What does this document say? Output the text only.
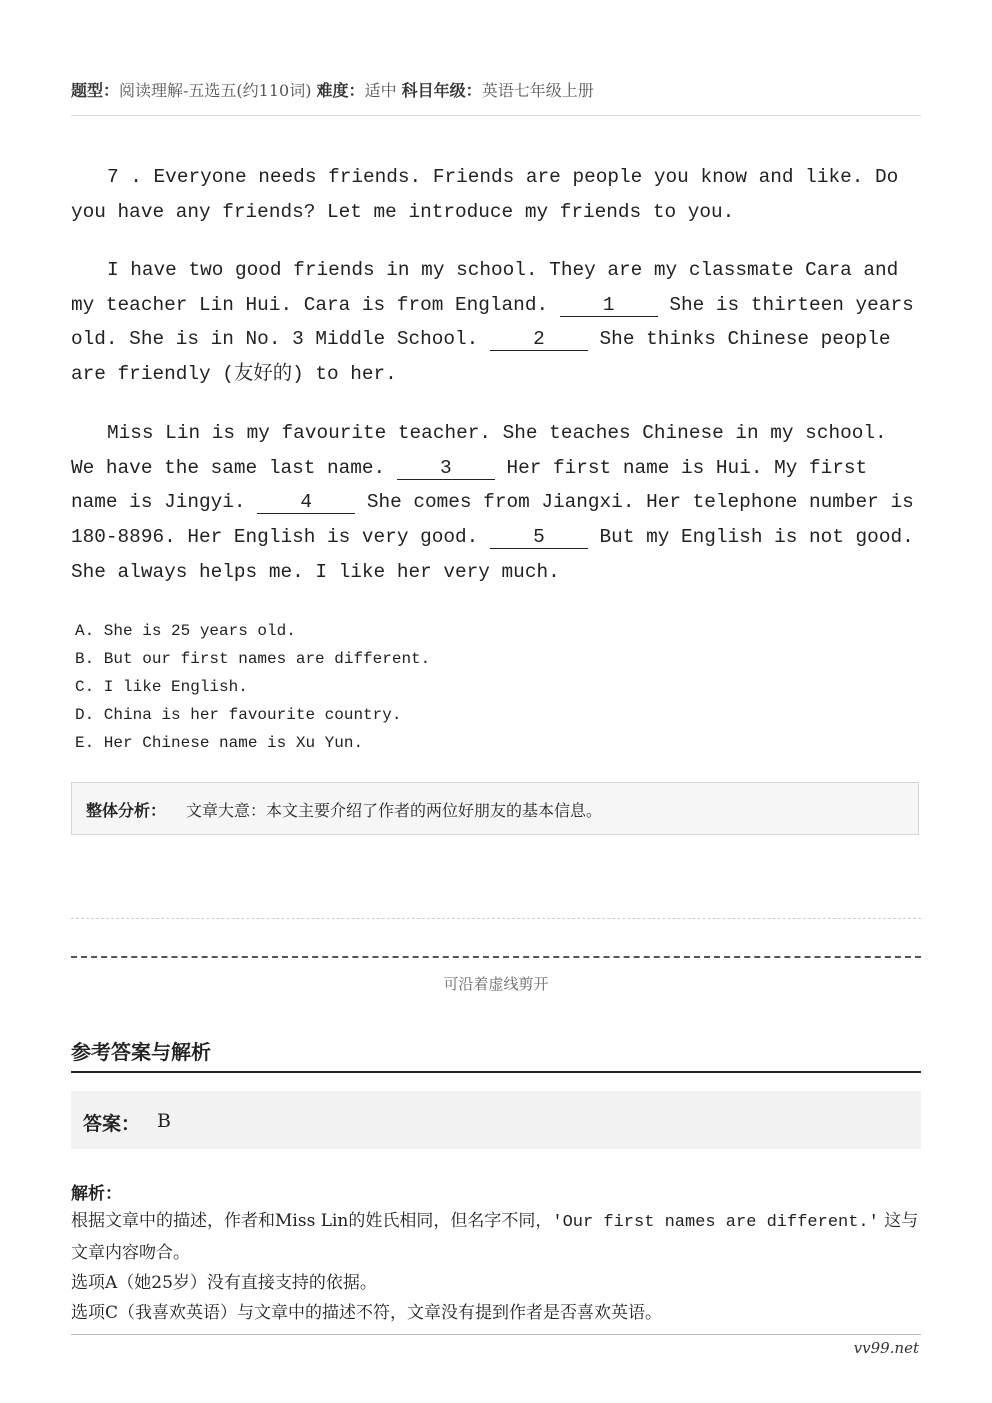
题型：阅读理解-五选五(约110词) 难度：适中 科目年级：英语七年级上册

7 . Everyone needs friends. Friends are people you know and like. Do you have any friends? Let me introduce my friends to you.

I have two good friends in my school. They are my classmate Cara and my teacher Lin Hui. Cara is from England. 1 She is thirteen years old. She is in No. 3 Middle School. 2 She thinks Chinese people are friendly (友好的) to her.

Miss Lin is my favourite teacher. She teaches Chinese in my school. We have the same last name. 3 Her first name is Hui. My first name is Jingyi. 4 She comes from Jiangxi. Her telephone number is 180-8896. Her English is very good. 5 But my English is not good. She always helps me. I like her very much.

A. She is 25 years old.
B. But our first names are different.
C. I like English.
D. China is her favourite country.
E. Her Chinese name is Xu Yun.
整体分析： 文章大意：本文主要介绍了作者的两位好朋友的基本信息。
可沿着虚线剪开
参考答案与解析
答案： B
解析：

根据文章中的描述，作者和Miss Lin的姓氏相同，但名字不同，'Our first names are different.' 这与文章内容吻合。

选项A（她25岁）没有直接支持的依据。

选项C（我喜欢英语）与文章中的描述不符，文章没有提到作者是否喜欢英语。

vv99.net
